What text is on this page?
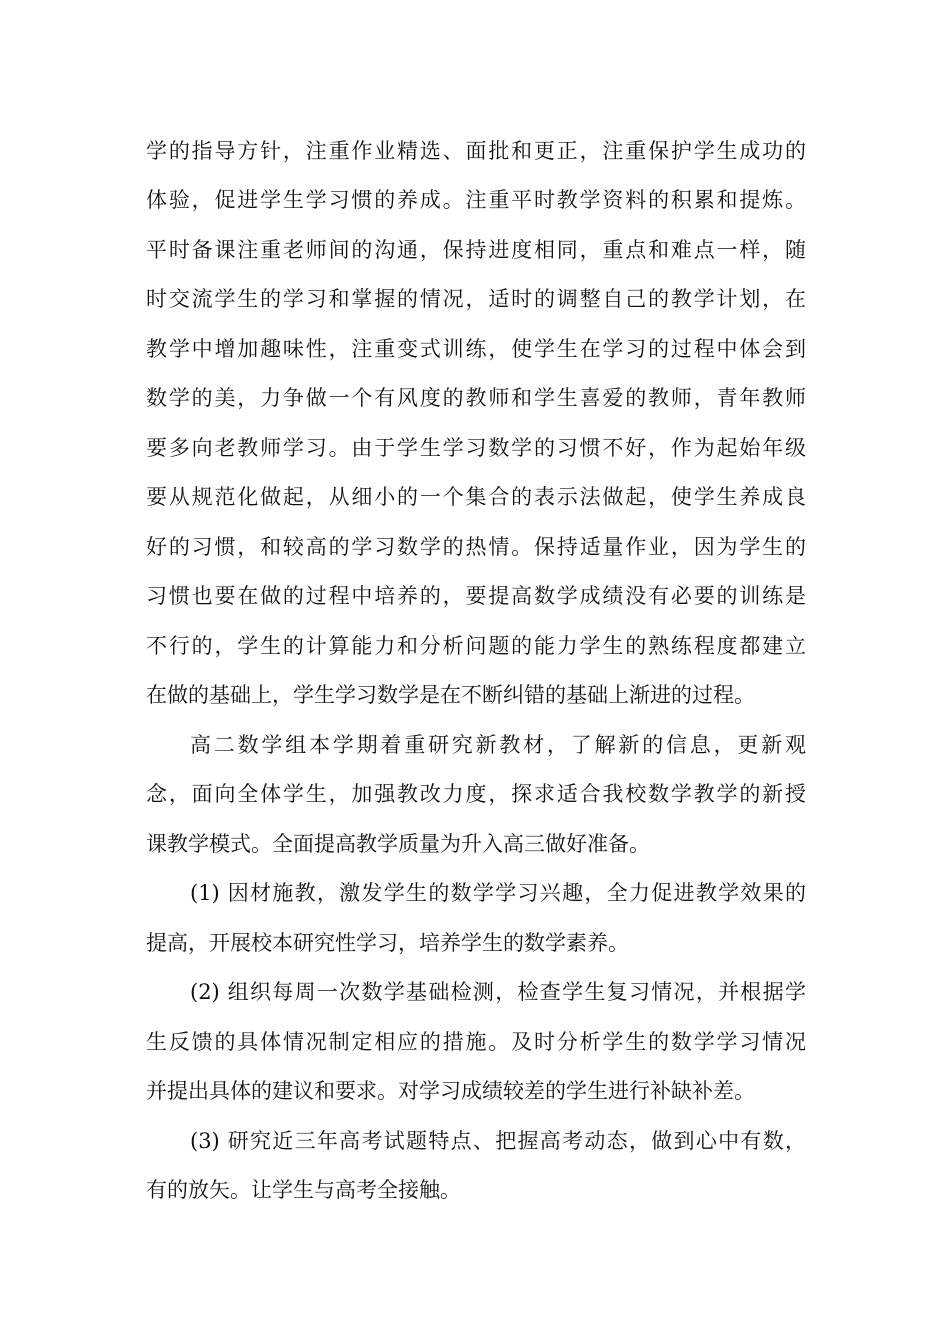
学的指导方针，注重作业精选、面批和更正，注重保护学生成功的
体验，促进学生学习惯的养成。注重平时教学资料的积累和提炼。
平时备课注重老师间的沟通，保持进度相同，重点和难点一样，随
时交流学生的学习和掌握的情况，适时的调整自己的教学计划，在
教学中增加趣味性，注重变式训练，使学生在学习的过程中体会到
数学的美，力争做一个有风度的教师和学生喜爱的教师，青年教师
要多向老教师学习。由于学生学习数学的习惯不好，作为起始年级
要从规范化做起，从细小的一个集合的表示法做起，使学生养成良
好的习惯，和较高的学习数学的热情。保持适量作业，因为学生的
习惯也要在做的过程中培养的，要提高数学成绩没有必要的训练是
不行的，学生的计算能力和分析问题的能力学生的熟练程度都建立
在做的基础上，学生学习数学是在不断纠错的基础上渐进的过程。
高二数学组本学期着重研究新教材，了解新的信息，更新观
念，面向全体学生，加强教改力度，探求适合我校数学教学的新授
课教学模式。全面提高教学质量为升入高三做好准备。
(1) 因材施教，激发学生的数学学习兴趣，全力促进教学效果的
提高，开展校本研究性学习，培养学生的数学素养。
(2) 组织每周一次数学基础检测，检查学生复习情况，并根据学
生反馈的具体情况制定相应的措施。及时分析学生的数学学习情况
并提出具体的建议和要求。对学习成绩较差的学生进行补缺补差。
(3) 研究近三年高考试题特点、把握高考动态，做到心中有数，
有的放矢。让学生与高考全接触。
